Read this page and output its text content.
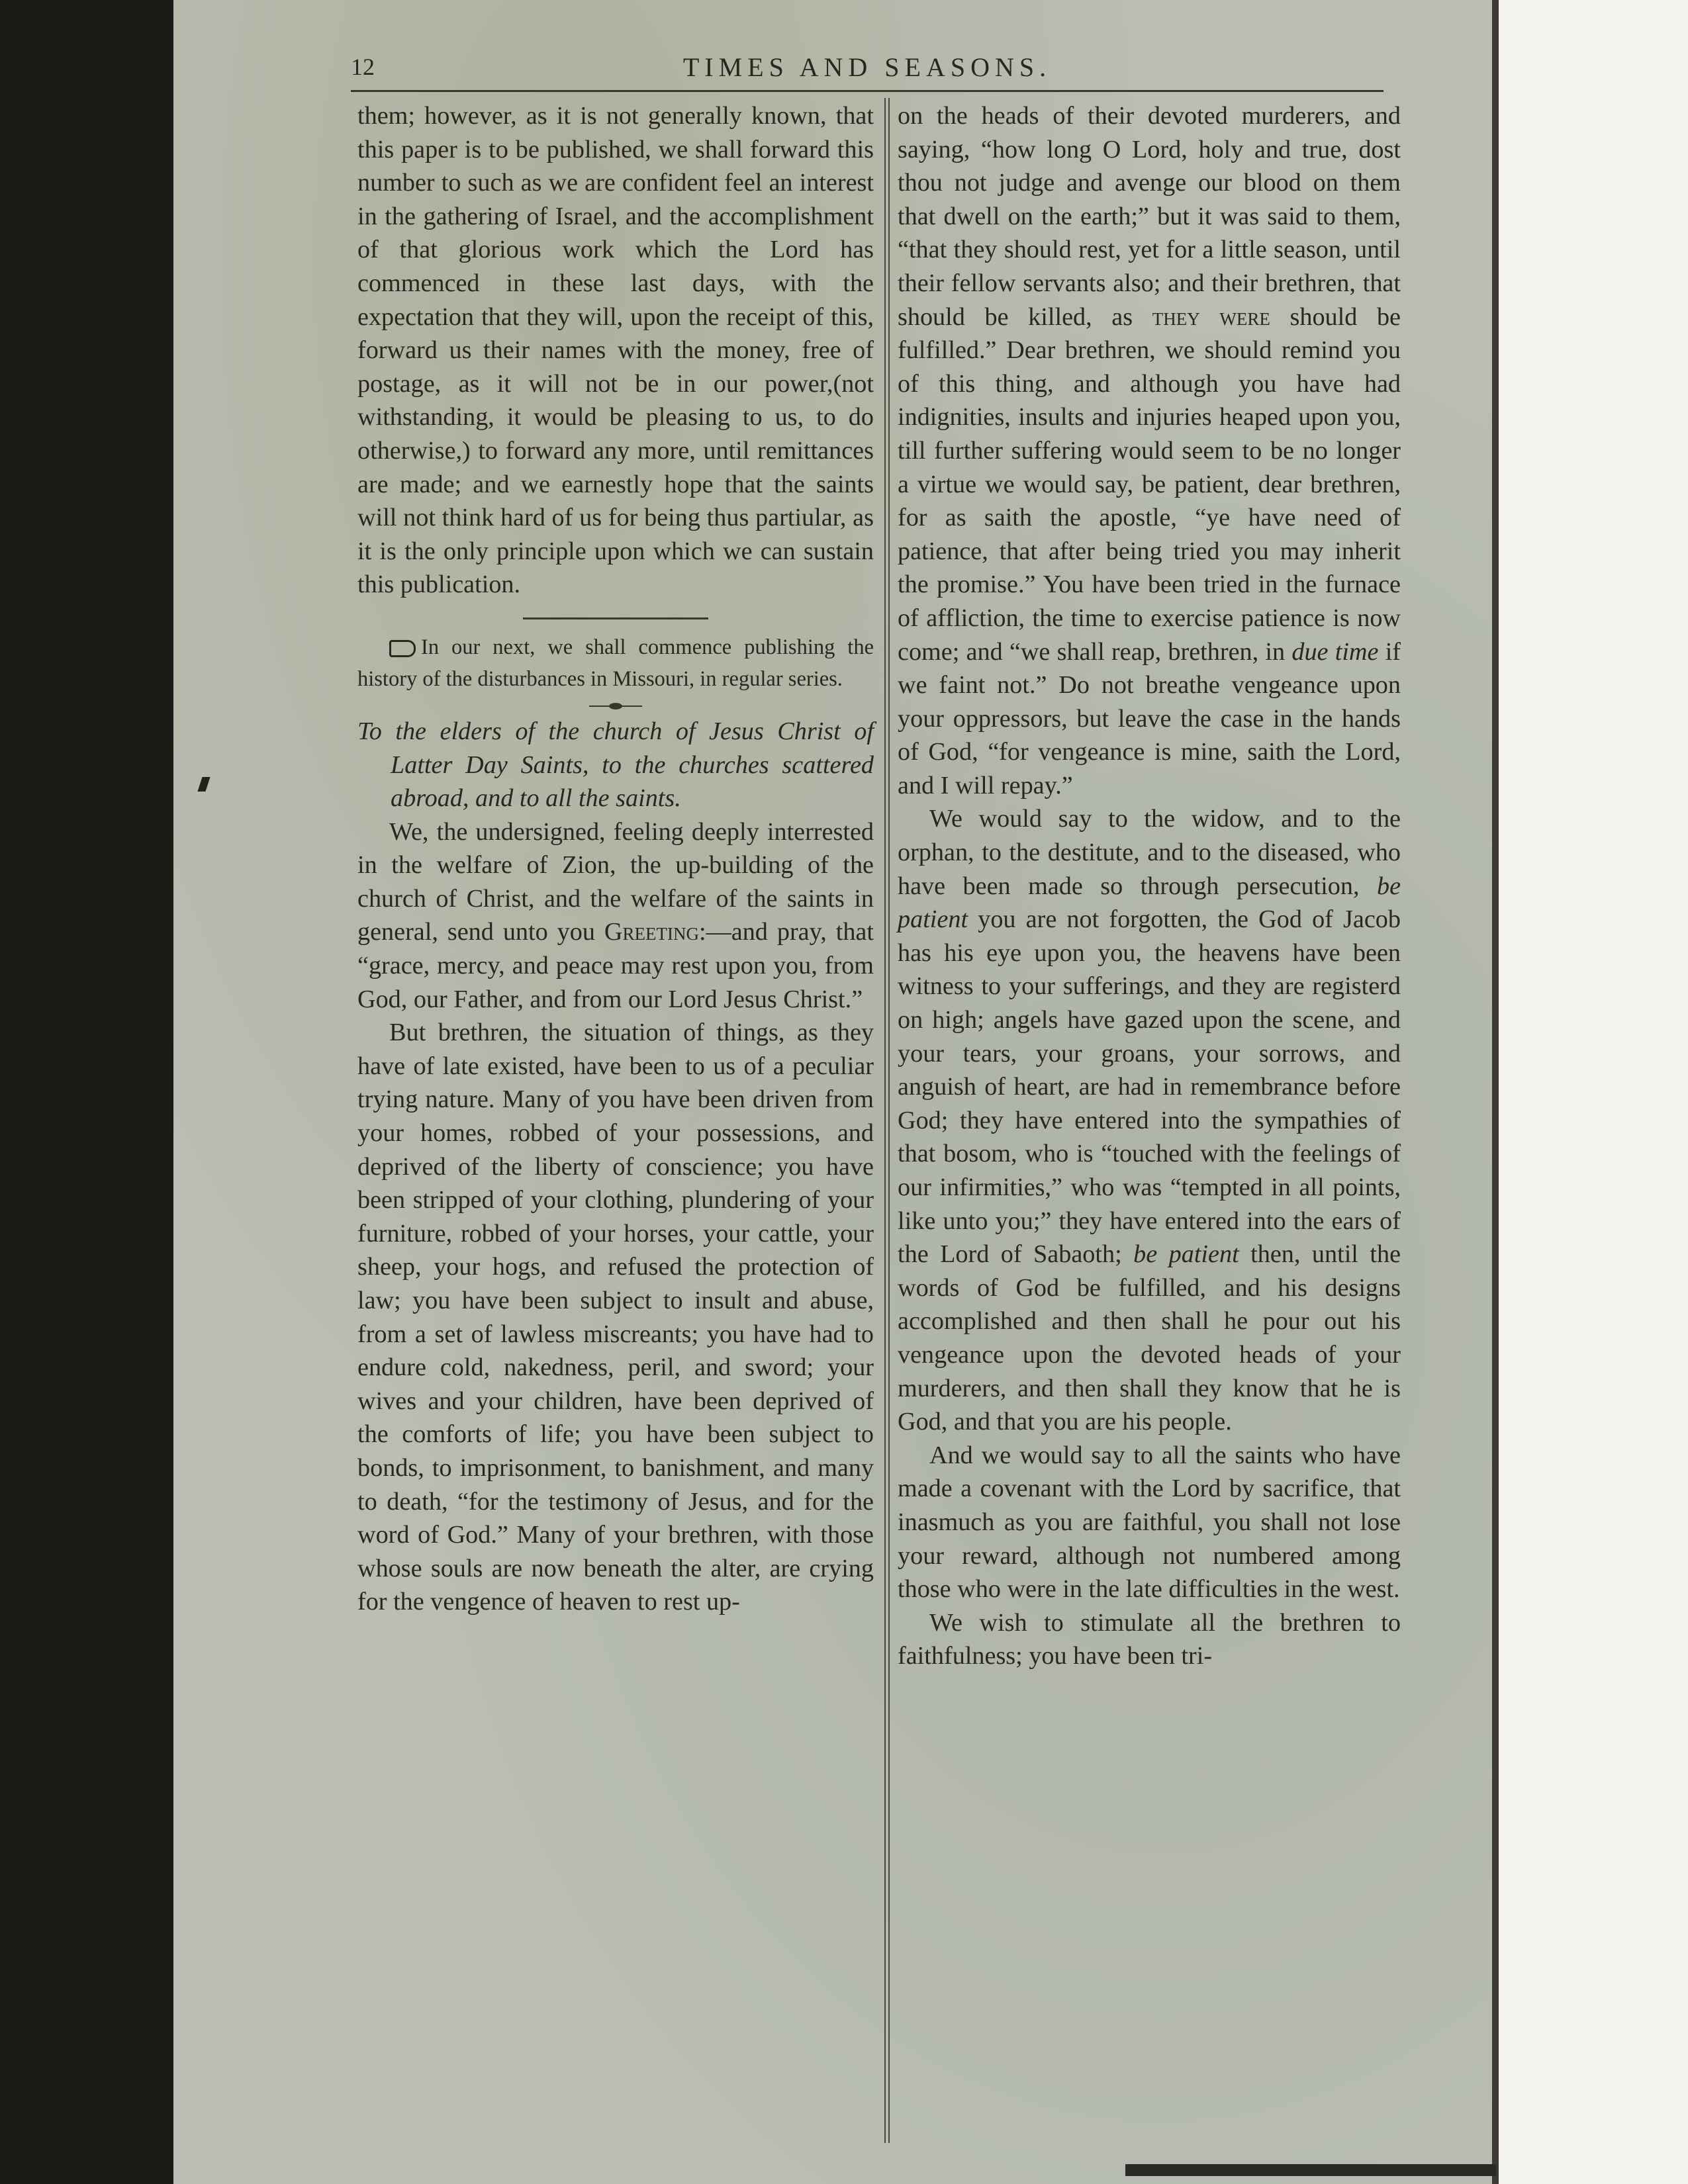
12	TIMES AND SEASONS.

them; however, as it is not generally known, that this paper is to be published, we shall forward this number to such as we are confident feel an interest in the gathering of Israel, and the accomplishment of that glorious work which the Lord has commenced in these last days, with the expectation that they will, upon the receipt of this, forward us their names with the money, free of postage, as it will not be in our power,(not withstanding, it would be pleasing to us, to do otherwise,) to forward any more, until remittances are made; and we earnestly hope that the saints will not think hard of us for being thus partiular, as it is the only principle upon which we can sustain this publication.

In our next, we shall commence publishing the history of the disturbances in Missouri, in regular series.

To the elders of the church of Jesus Christ of Latter Day Saints, to the churches scattered abroad, and to all the saints.

We, the undersigned, feeling deeply interrested in the welfare of Zion, the up-building of the church of Christ, and the welfare of the saints in general, send unto you Greeting:—and pray, that “grace, mercy, and peace may rest upon you, from God, our Father, and from our Lord Jesus Christ.”

But brethren, the situation of things, as they have of late existed, have been to us of a peculiar trying nature. Many of you have been driven from your homes, robbed of your possessions, and deprived of the liberty of conscience; you have been stripped of your clothing, plundering of your furniture, robbed of your horses, your cattle, your sheep, your hogs, and refused the protection of law; you have been subject to insult and abuse, from a set of lawless miscreants; you have had to endure cold, nakedness, peril, and sword; your wives and your children, have been deprived of the comforts of life; you have been subject to bonds, to imprisonment, to banishment, and many to death, “for the testimony of Jesus, and for the word of God.” Many of your brethren, with those whose souls are now beneath the alter, are crying for the vengence of heaven to rest up-

on the heads of their devoted murderers, and saying, “how long O Lord, holy and true, dost thou not judge and avenge our blood on them that dwell on the earth;” but it was said to them, “that they should rest, yet for a little season, until their fellow servants also; and their brethren, that should be killed, as they were should be fulfilled.” Dear brethren, we should remind you of this thing, and although you have had indignities, insults and injuries heaped upon you, till further suffering would seem to be no longer a virtue we would say, be patient, dear brethren, for as saith the apostle, “ye have need of patience, that after being tried you may inherit the promise.” You have been tried in the furnace of affliction, the time to exercise patience is now come; and “we shall reap, brethren, in due time if we faint not.” Do not breathe vengeance upon your oppressors, but leave the case in the hands of God, “for vengeance is mine, saith the Lord, and I will repay.”

We would say to the widow, and to the orphan, to the destitute, and to the diseased, who have been made so through persecution, be patient you are not forgotten, the God of Jacob has his eye upon you, the heavens have been witness to your sufferings, and they are registerd on high; angels have gazed upon the scene, and your tears, your groans, your sorrows, and anguish of heart, are had in remembrance before God; they have entered into the sympathies of that bosom, who is “touched with the feelings of our infirmities,” who was “tempted in all points, like unto you;” they have entered into the ears of the Lord of Sabaoth; be patient then, until the words of God be fulfilled, and his designs accomplished and then shall he pour out his vengeance upon the devoted heads of your murderers, and then shall they know that he is God, and that you are his people.

And we would say to all the saints who have made a covenant with the Lord by sacrifice, that inasmuch as you are faithful, you shall not lose your reward, although not numbered among those who were in the late difficulties in the west.

We wish to stimulate all the brethren to faithfulness; you have been tri-
